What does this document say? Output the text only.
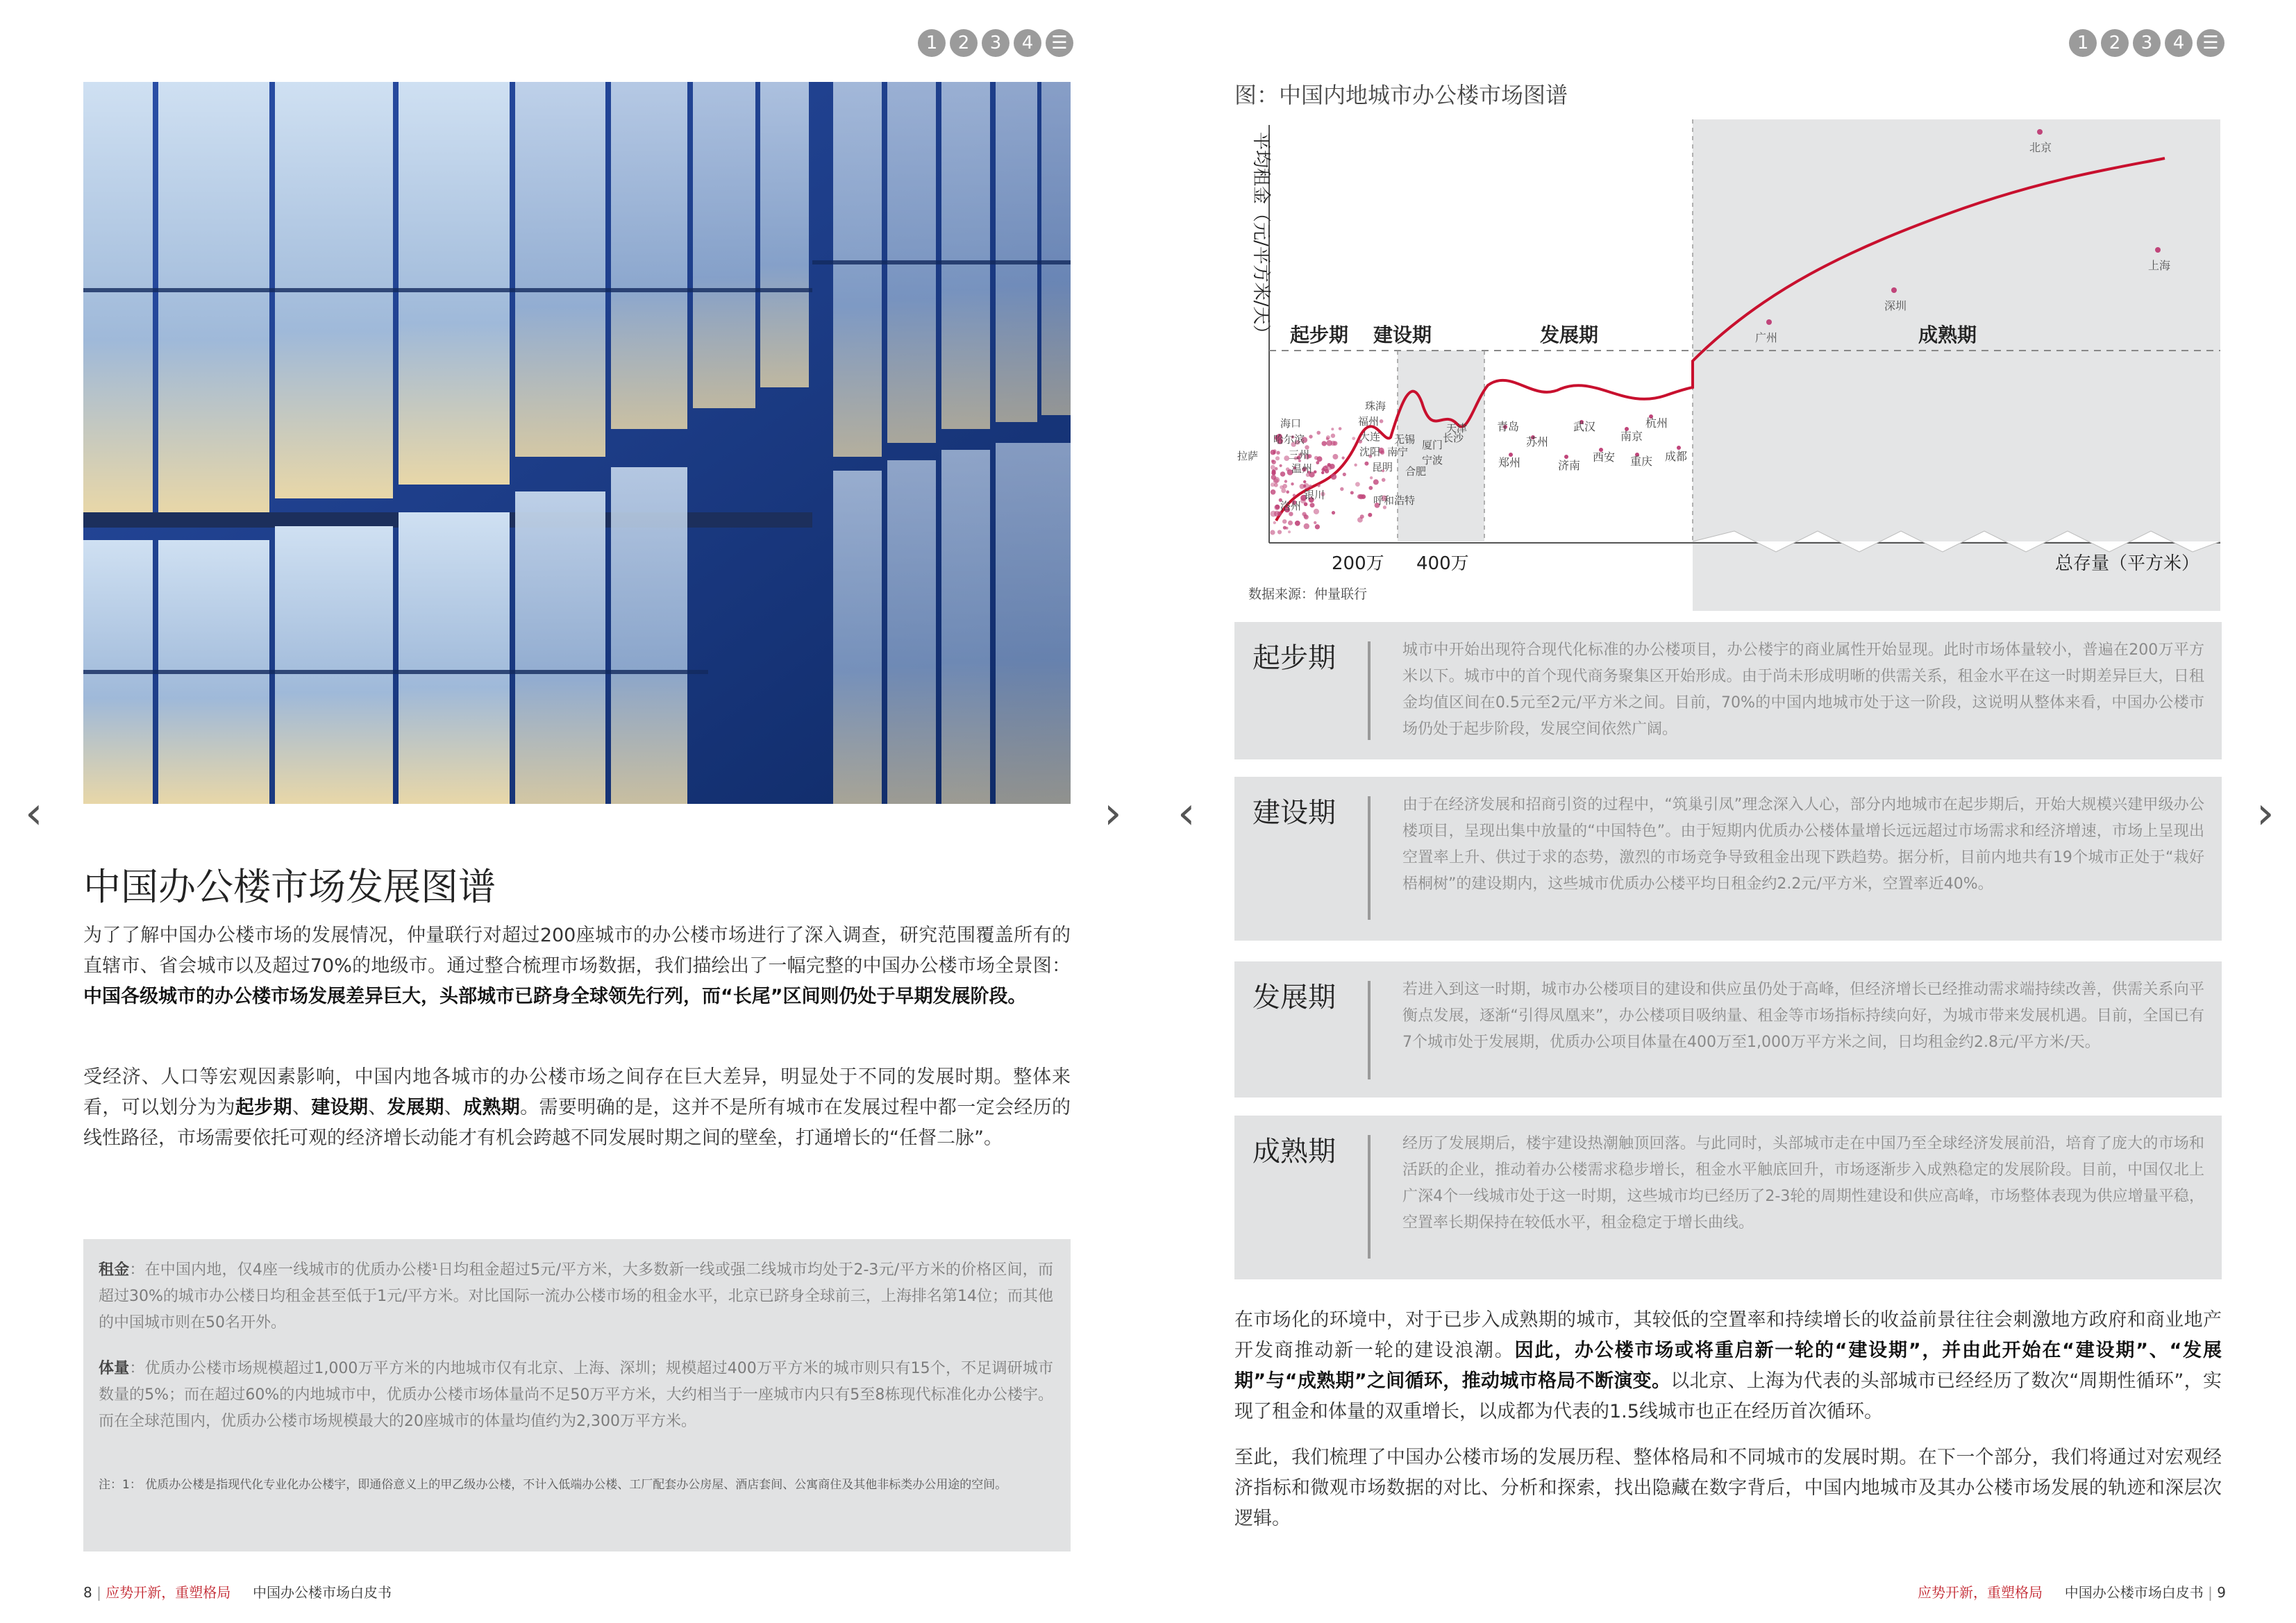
1	2	3	4	☰
中国办公楼市场发展图谱
为了了解中国办公楼市场的发展情况，仲量联行对超过200座城市的办公楼市场进行了深入调查，研究范围覆盖所有的直辖市、省会城市以及超过70%的地级市。通过整合梳理市场数据，我们描绘出了一幅完整的中国办公楼市场全景图：中国各级城市的办公楼市场发展差异巨大，头部城市已跻身全球领先行列，而“长尾”区间则仍处于早期发展阶段。
受经济、人口等宏观因素影响，中国内地各城市的办公楼市场之间存在巨大差异，明显处于不同的发展时期。整体来看，可以划分为为起步期、建设期、发展期、成熟期。需要明确的是，这并不是所有城市在发展过程中都一定会经历的线性路径，市场需要依托可观的经济增长动能才有机会跨越不同发展时期之间的壁垒，打通增长的“任督二脉”。
租金：在中国内地，仅4座一线城市的优质办公楼¹日均租金超过5元/平方米，大多数新一线或强二线城市均处于2-3元/平方米的价格区间，而超过30%的城市办公楼日均租金甚至低于1元/平方米。对比国际一流办公楼市场的租金水平，北京已跻身全球前三，上海排名第14位；而其他的中国城市则在50名开外。
体量：优质办公楼市场规模超过1,000万平方米的内地城市仅有北京、上海、深圳；规模超过400万平方米的城市则只有15个，不足调研城市数量的5%；而在超过60%的内地城市中，优质办公楼市场体量尚不足50万平方米，大约相当于一座城市内只有5至8栋现代标准化办公楼宇。而在全球范围内，优质办公楼市场规模最大的20座城市的体量均值约为2,300万平方米。
注：1： 优质办公楼是指现代化专业化办公楼宇，即通俗意义上的甲乙级办公楼，不计入低端办公楼、工厂配套办公房屋、酒店套间、公寓商住及其他非标类办公用途的空间。
8 | 应势开新，重塑格局 中国办公楼市场白皮书
‹	› ‹	›
1	2	3	4	☰
图：中国内地城市办公楼市场图谱
起步期 建设期	发展期	成熟期
平均租金（元/平方米/天）
200万 400万	总存量（平方米）
数据来源：仲量联行
北京
上海
深圳
广州
青岛
苏州
郑州
武汉
济南
西安
南京
重庆
杭州
成都
珠海
福州
大连
沈阳
宁波
厦门
长沙
天津
无锡
昆明 合肥
南宁
呼和浩特
海口
哈尔滨
三州
温州
拉萨
银川
洛州
起步期	城市中开始出现符合现代化标准的办公楼项目，办公楼宇的商业属性开始显现。此时市场体量较小，普遍在200万平方米以下。城市中的首个现代商务聚集区开始形成。由于尚未形成明晰的供需关系，租金水平在这一时期差异巨大，日租金均值区间在0.5元至2元/平方米之间。目前，70%的中国内地城市处于这一阶段，这说明从整体来看，中国办公楼市场仍处于起步阶段，发展空间依然广阔。
建设期	由于在经济发展和招商引资的过程中，“筑巢引凤”理念深入人心，部分内地城市在起步期后，开始大规模兴建甲级办公楼项目，呈现出集中放量的“中国特色”。由于短期内优质办公楼体量增长远远超过市场需求和经济增速，市场上呈现出空置率上升、供过于求的态势，激烈的市场竞争导致租金出现下跌趋势。据分析，目前内地共有19个城市正处于“栽好梧桐树”的建设期内，这些城市优质办公楼平均日租金约2.2元/平方米，空置率近40%。
发展期	若进入到这一时期，城市办公楼项目的建设和供应虽仍处于高峰，但经济增长已经推动需求端持续改善，供需关系向平衡点发展，逐渐“引得凤凰来”，办公楼项目吸纳量、租金等市场指标持续向好，为城市带来发展机遇。目前，全国已有7个城市处于发展期，优质办公项目体量在400万至1,000万平方米之间，日均租金约2.8元/平方米/天。
成熟期	经历了发展期后，楼宇建设热潮触顶回落。与此同时，头部城市走在中国乃至全球经济发展前沿，培育了庞大的市场和活跃的企业，推动着办公楼需求稳步增长，租金水平触底回升，市场逐渐步入成熟稳定的发展阶段。目前，中国仅北上广深4个一线城市处于这一时期，这些城市均已经历了2-3轮的周期性建设和供应高峰，市场整体表现为供应增量平稳，空置率长期保持在较低水平，租金稳定于增长曲线。
在市场化的环境中，对于已步入成熟期的城市，其较低的空置率和持续增长的收益前景往往会刺激地方政府和商业地产开发商推动新一轮的建设浪潮。因此，办公楼市场或将重启新一轮的“建设期”，并由此开始在“建设期”、“发展期”与“成熟期”之间循环，推动城市格局不断演变。以北京、上海为代表的头部城市已经经历了数次“周期性循环”，实现了租金和体量的双重增长，以成都为代表的1.5线城市也正在经历首次循环。
至此，我们梳理了中国办公楼市场的发展历程、整体格局和不同城市的发展时期。在下一个部分，我们将通过对宏观经济指标和微观市场数据的对比、分析和探索，找出隐藏在数字背后，中国内地城市及其办公楼市场发展的轨迹和深层次逻辑。
应势开新，重塑格局 中国办公楼市场白皮书 | 9
